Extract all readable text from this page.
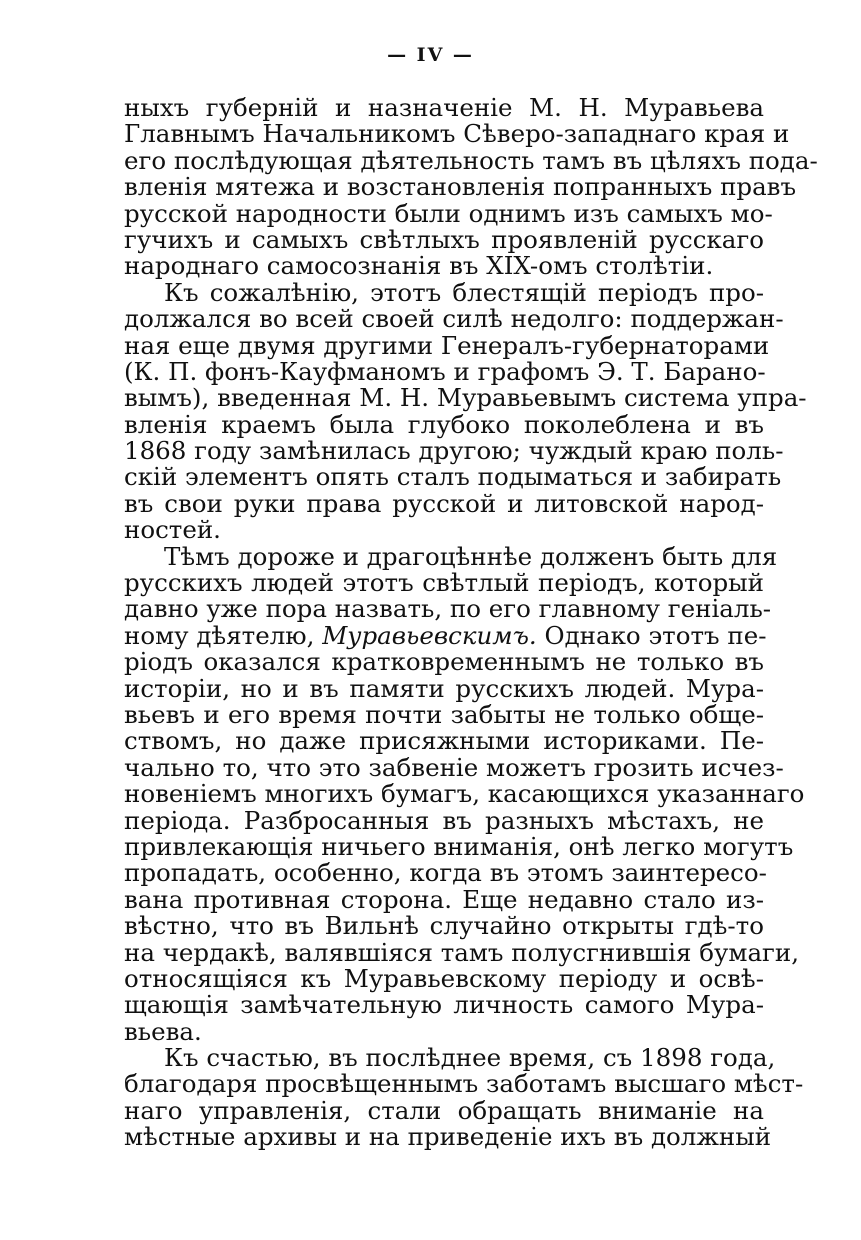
— IV —
ныхъ губерній и назначеніе М. Н. Муравьева
Главнымъ Начальникомъ Сѣверо-западнаго края и
его послѣдующая дѣятельность тамъ въ цѣляхъ пода-
вленія мятежа и возстановленія попранныхъ правъ
русской народности были однимъ изъ самыхъ мо-
гучихъ и самыхъ свѣтлыхъ проявленій русскаго
народнаго самосознанія въ XIX-омъ столѣтіи.
Къ сожалѣнію, этотъ блестящій періодъ про-
должался во всей своей силѣ недолго: поддержан-
ная еще двумя другими Генералъ-губернаторами
(К. П. фонъ-Кауфманомъ и графомъ Э. Т. Барано-
вымъ), введенная М. Н. Муравьевымъ система упра-
вленія краемъ была глубоко поколеблена и въ
1868 году замѣнилась другою; чуждый краю поль-
скій элементъ опять сталъ подыматься и забирать
въ свои руки права русской и литовской народ-
ностей.
Тѣмъ дороже и драгоцѣннѣе долженъ быть для
русскихъ людей этотъ свѣтлый періодъ, который
давно уже пора назвать, по его главному геніаль-
ному дѣятелю, Муравьевскимъ. Однако этотъ пе-
ріодъ оказался кратковременнымъ не только въ
исторіи, но и въ памяти русскихъ людей. Мура-
вьевъ и его время почти забыты не только обще-
ствомъ, но даже присяжными историками. Пе-
чально то, что это забвеніе можетъ грозить исчез-
новеніемъ многихъ бумагъ, касающихся указаннаго
періода. Разбросанныя въ разныхъ мѣстахъ, не
привлекающія ничьего вниманія, онѣ легко могутъ
пропадать, особенно, когда въ этомъ заинтересо-
вана противная сторона. Еще недавно стало из-
вѣстно, что въ Вильнѣ случайно открыты гдѣ-то
на чердакѣ, валявшіяся тамъ полусгнившія бумаги,
относящіяся къ Муравьевскому періоду и освѣ-
щающія замѣчательную личность самого Мура-
вьева.
Къ счастью, въ послѣднее время, съ 1898 года,
благодаря просвѣщеннымъ заботамъ высшаго мѣст-
наго управленія, стали обращать вниманіе на
мѣстные архивы и на приведеніе ихъ въ должный
